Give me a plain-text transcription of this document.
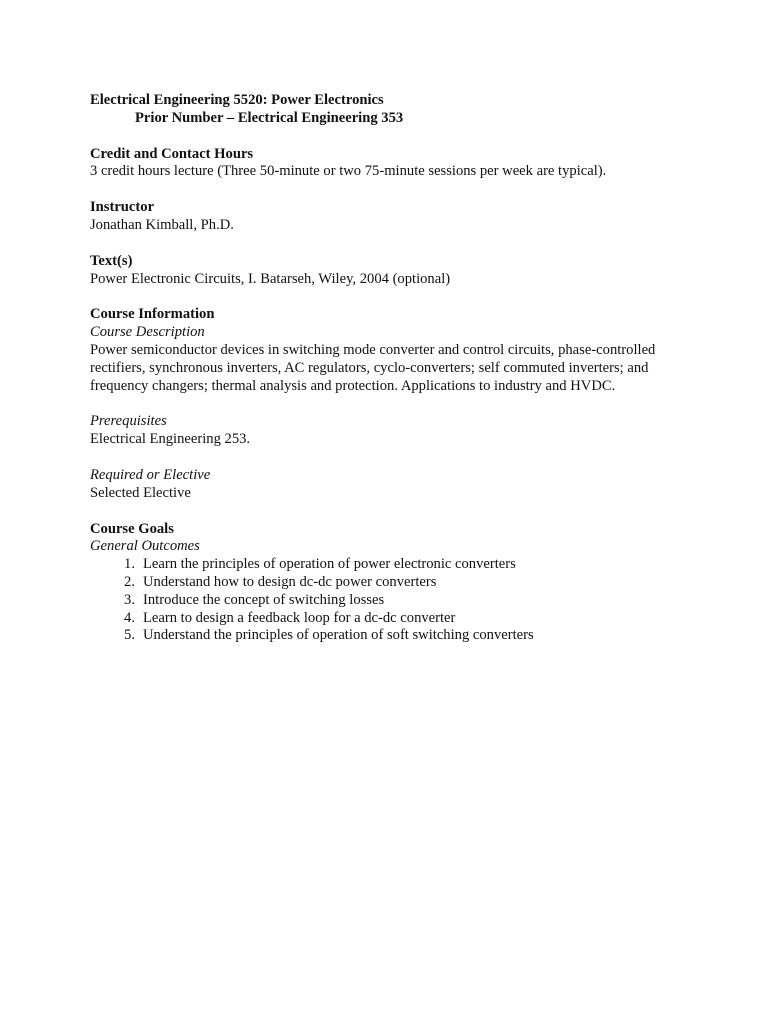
Electrical Engineering 5520: Power Electronics
Prior Number – Electrical Engineering 353
Credit and Contact Hours
3 credit hours lecture (Three 50-minute or two 75-minute sessions per week are typical).
Instructor
Jonathan Kimball, Ph.D.
Text(s)
Power Electronic Circuits, I. Batarseh, Wiley, 2004 (optional)
Course Information
Course Description
Power semiconductor devices in switching mode converter and control circuits, phase-controlled
rectifiers, synchronous inverters, AC regulators, cyclo-converters; self commuted inverters; and
frequency changers; thermal analysis and protection. Applications to industry and HVDC.
Prerequisites
Electrical Engineering 253.
Required or Elective
Selected Elective
Course Goals
General Outcomes
1. Learn the principles of operation of power electronic converters
2. Understand how to design dc-dc power converters
3. Introduce the concept of switching losses
4. Learn to design a feedback loop for a dc-dc converter
5. Understand the principles of operation of soft switching converters
